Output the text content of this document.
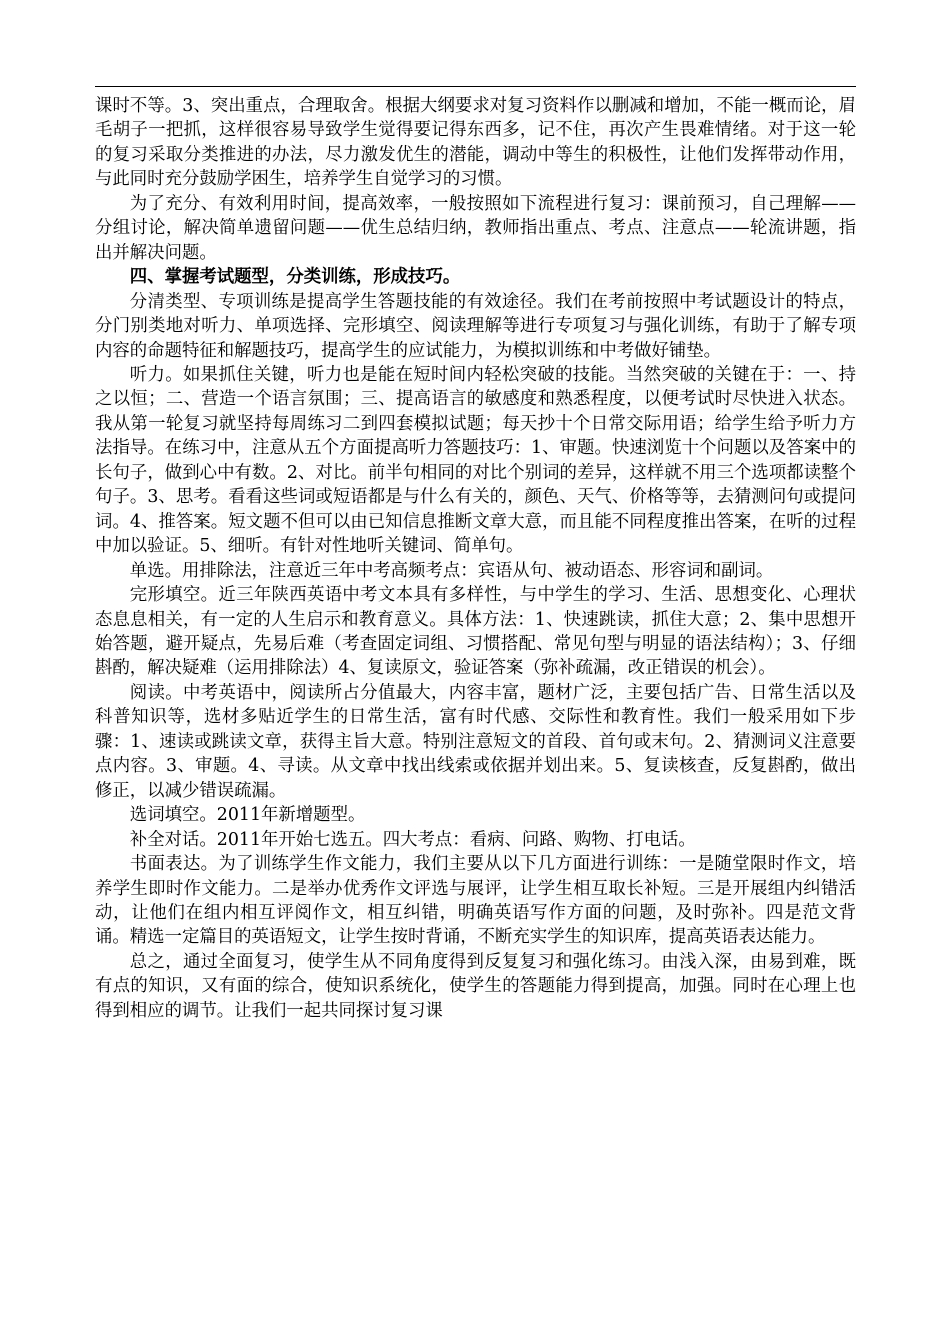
课时不等。3、突出重点，合理取舍。根据大纲要求对复习资料作以删减和增加，不能一概而论，眉毛胡子一把抓，这样很容易导致学生觉得要记得东西多，记不住，再次产生畏难情绪。对于这一轮的复习采取分类推进的办法，尽力激发优生的潜能，调动中等生的积极性，让他们发挥带动作用，与此同时充分鼓励学困生，培养学生自觉学习的习惯。

为了充分、有效利用时间，提高效率，一般按照如下流程进行复习：课前预习，自己理解——分组讨论，解决简单遗留问题——优生总结归纳，教师指出重点、考点、注意点——轮流讲题，指出并解决问题。

四、掌握考试题型，分类训练，形成技巧。

分清类型、专项训练是提高学生答题技能的有效途径。我们在考前按照中考试题设计的特点，分门别类地对听力、单项选择、完形填空、阅读理解等进行专项复习与强化训练，有助于了解专项内容的命题特征和解题技巧，提高学生的应试能力，为模拟训练和中考做好铺垫。

听力。如果抓住关键，听力也是能在短时间内轻松突破的技能。当然突破的关键在于：一、持之以恒；二、营造一个语言氛围；三、提高语言的敏感度和熟悉程度，以便考试时尽快进入状态。我从第一轮复习就坚持每周练习二到四套模拟试题；每天抄十个日常交际用语；给学生给予听力方法指导。在练习中，注意从五个方面提高听力答题技巧：1、审题。快速浏览十个问题以及答案中的长句子，做到心中有数。2、对比。前半句相同的对比个别词的差异，这样就不用三个选项都读整个句子。3、思考。看看这些词或短语都是与什么有关的，颜色、天气、价格等等，去猜测问句或提问词。4、推答案。短文题不但可以由已知信息推断文章大意，而且能不同程度推出答案，在听的过程中加以验证。5、细听。有针对性地听关键词、简单句。

单选。用排除法，注意近三年中考高频考点：宾语从句、被动语态、形容词和副词。

完形填空。近三年陕西英语中考文本具有多样性，与中学生的学习、生活、思想变化、心理状态息息相关，有一定的人生启示和教育意义。具体方法：1、快速跳读，抓住大意；2、集中思想开始答题，避开疑点，先易后难（考查固定词组、习惯搭配、常见句型与明显的语法结构）；3、仔细斟酌，解决疑难（运用排除法）4、复读原文，验证答案（弥补疏漏，改正错误的机会）。

阅读。中考英语中，阅读所占分值最大，内容丰富，题材广泛，主要包括广告、日常生活以及科普知识等，选材多贴近学生的日常生活，富有时代感、交际性和教育性。我们一般采用如下步骤：1、速读或跳读文章，获得主旨大意。特别注意短文的首段、首句或末句。2、猜测词义注意要点内容。3、审题。4、寻读。从文章中找出线索或依据并划出来。5、复读核查，反复斟酌，做出修正，以减少错误疏漏。

选词填空。2011年新增题型。

补全对话。2011年开始七选五。四大考点：看病、问路、购物、打电话。

书面表达。为了训练学生作文能力，我们主要从以下几方面进行训练：一是随堂限时作文，培养学生即时作文能力。二是举办优秀作文评选与展评，让学生相互取长补短。三是开展组内纠错活动，让他们在组内相互评阅作文，相互纠错，明确英语写作方面的问题，及时弥补。四是范文背诵。精选一定篇目的英语短文，让学生按时背诵，不断充实学生的知识库，提高英语表达能力。

总之，通过全面复习，使学生从不同角度得到反复复习和强化练习。由浅入深，由易到难，既有点的知识，又有面的综合，使知识系统化，使学生的答题能力得到提高，加强。同时在心理上也得到相应的调节。让我们一起共同探讨复习课
